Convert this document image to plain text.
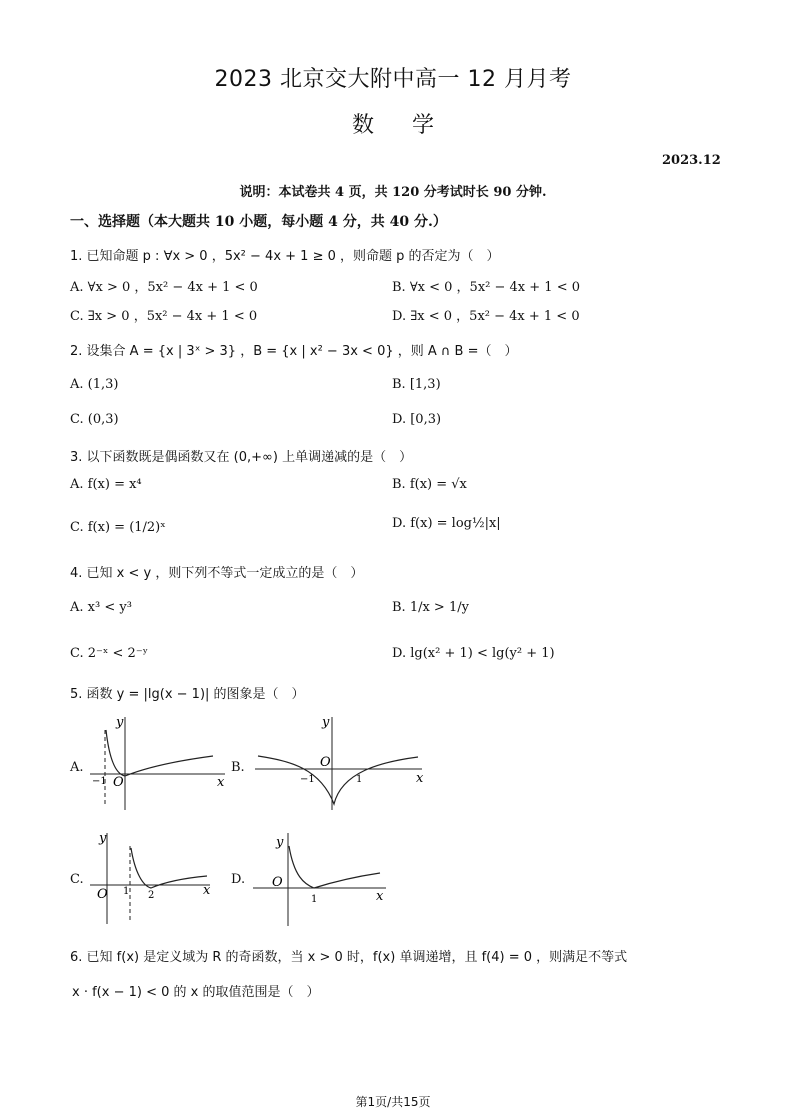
2023 北京交大附中高一 12 月月考
数学
2023.12
说明：本试卷共 4 页，共 120 分考试时长 90 分钟.
一、选择题（本大题共 10 小题，每小题 4 分，共 40 分.）
1. 已知命题 p : ∀x > 0 ，5x² − 4x + 1 ≥ 0 ，则命题 p 的否定为（　）
A. ∀x > 0 ，5x² − 4x + 1 < 0	B. ∀x < 0 ，5x² − 4x + 1 < 0
C. ∃x > 0 ，5x² − 4x + 1 < 0	D. ∃x < 0 ，5x² − 4x + 1 < 0
2. 设集合 A = {x | 3ˣ > 3} ，B = {x | x² − 3x < 0} ，则 A ∩ B =（　）
A. (1,3)	B. [1,3)
C. (0,3)	D. [0,3)
3. 以下函数既是偶函数又在 (0,+∞) 上单调递减的是（　）
A. f(x) = x⁴	B. f(x) = √x
C. f(x) = (1/2)ˣ	D. f(x) = log½|x|
4. 已知 x < y ，则下列不等式一定成立的是（　）
A. x³ < y³	B. 1/x > 1/y
C. 2⁻ˣ < 2⁻ʸ	D. lg(x² + 1) < lg(y² + 1)
5. 函数 y = |lg(x − 1)| 的图象是（　）
A.
y
x
O
−1
B.
y
x
O
−1	1
C.
y
x
O 1 2
D.
y
x
O
1
6. 已知 f(x) 是定义域为 R 的奇函数，当 x > 0 时，f(x) 单调递增，且 f(4) = 0 ，则满足不等式
x · f(x − 1) < 0 的 x 的取值范围是（　）
第1页/共15页
